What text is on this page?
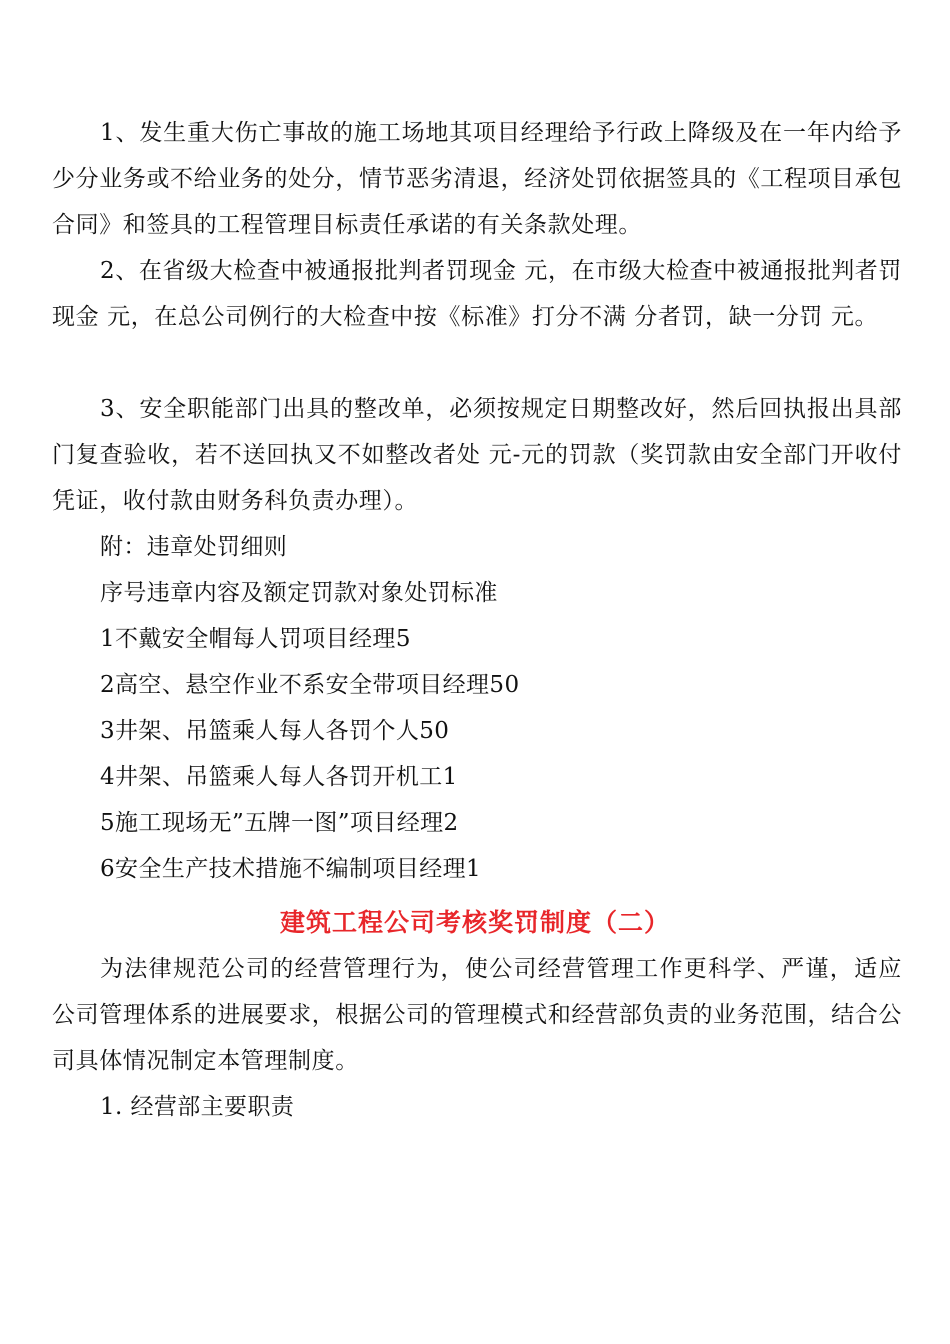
1、发生重大伤亡事故的施工场地其项目经理给予行政上降级及在一年内给予少分业务或不给业务的处分，情节恶劣清退，经济处罚依据签具的《工程项目承包合同》和签具的工程管理目标责任承诺的有关条款处理。

2、在省级大检查中被通报批判者罚现金 元，在市级大检查中被通报批判者罚现金 元，在总公司例行的大检查中按《标准》打分不满 分者罚，缺一分罚 元。

3、安全职能部门出具的整改单，必须按规定日期整改好，然后回执报出具部门复查验收，若不送回执又不如整改者处 元-元的罚款（奖罚款由安全部门开收付凭证，收付款由财务科负责办理）。

附：违章处罚细则

序号违章内容及额定罚款对象处罚标准

1不戴安全帽每人罚项目经理5

2高空、悬空作业不系安全带项目经理50

3井架、吊篮乘人每人各罚个人50

4井架、吊篮乘人每人各罚开机工1

5施工现场无”五牌一图”项目经理2

6安全生产技术措施不编制项目经理1

建筑工程公司考核奖罚制度（二）

为法律规范公司的经营管理行为，使公司经营管理工作更科学、严谨，适应公司管理体系的进展要求，根据公司的管理模式和经营部负责的业务范围，结合公司具体情况制定本管理制度。

1. 经营部主要职责
